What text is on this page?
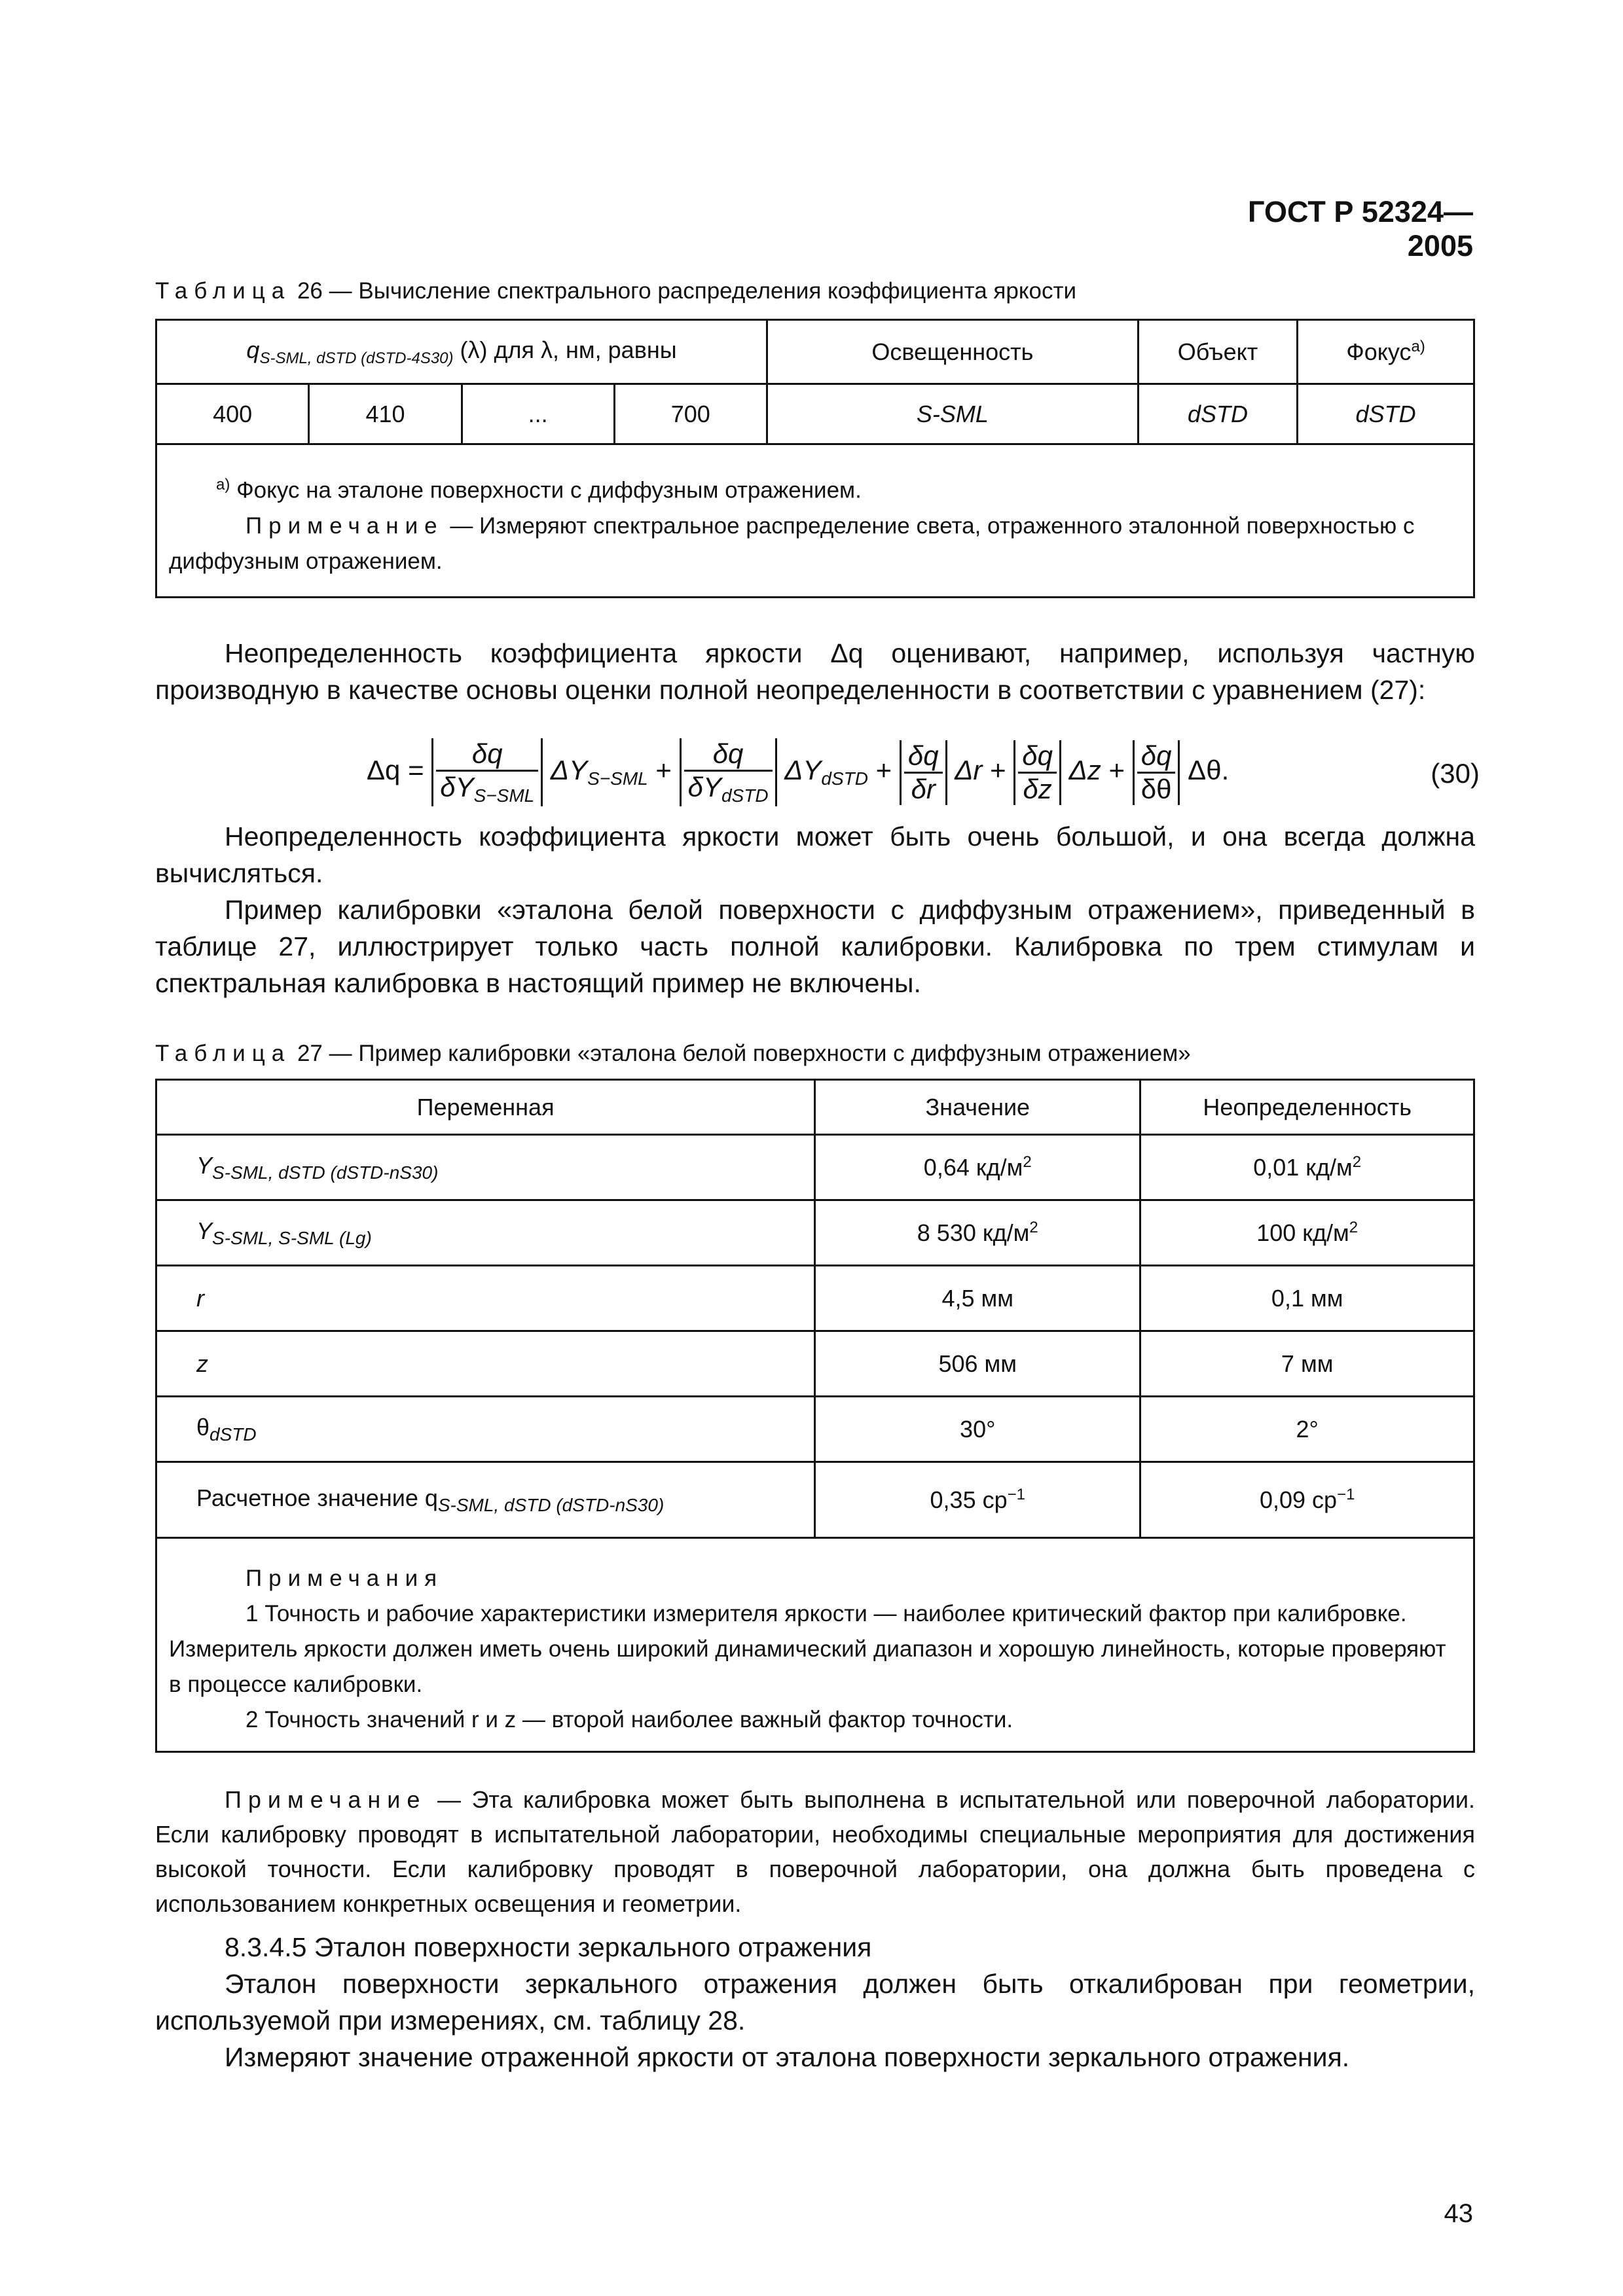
ГОСТ Р 52324—2005
Таблица 26 — Вычисление спектрального распределения коэффициента яркости
$q_{S-SML, dSTD (dSTD-4S30)}$ (λ) для λ, нм, равны				Освещенность	Объект	Фокус$^{а)}$
400	410	...	700	S-SML	dSTD	dSTD

$^{а)}$ Фокус на эталоне поверхности с диффузным отражением.

Примечание — Измеряют спектральное распределение света, отраженного эталонной поверхностью с диффузным отражением.						

Неопределенность коэффициента яркости Δq оценивают, например, используя частную производную в качестве основы оценки полной неопределенности в соответствии с уравнением (27):
$\Delta q = \frac{\delta q}{\delta Y_{S-SML}} \Delta Y_{S-SML} + \frac{\delta q}{\delta Y_{dSTD}} \Delta Y_{dSTD} + \frac{\delta q}{\delta r}$ $\Delta r + \frac{\delta q}{\delta z}$ $\Delta z + \frac{\delta q}{\delta\theta} \Delta\theta$.	(30)
Неопределенность коэффициента яркости может быть очень большой, и она всегда должна вычисляться.
Пример калибровки «эталона белой поверхности с диффузным отражением», приведенный в таблице 27, иллюстрирует только часть полной калибровки. Калибровка по трем стимулам и спектральная калибровка в настоящий пример не включены.
Таблица 27 — Пример калибровки «эталона белой поверхности с диффузным отражением»
Переменная	Значение	Неопределенность
$Y_{S-SML, dSTD (dSTD-nS30)}$	0,64 $кд/м^2$	0,01 $кд/м^2$
$Y_{S-SML, S-SML (Lg)}$	8 530 $кд/м^2$	100 $кд/м^2$
r	4,5 мм	0,1 мм
z	506 мм	7 мм
$\theta_{dSTD}$	30°	2°
Расчетное значение $q_{S-SML, dSTD (dSTD-nS30)}$	0,35 $ср^{-1}$	0,09 $ср^{-1}$

Примечания

1 Точность и рабочие характеристики измерителя яркости — наиболее критический фактор при калибровке. Измеритель яркости должен иметь очень широкий динамический диапазон и хорошую линейность, которые проверяют в процессе калибровки.

2 Точность значений r и z — второй наиболее важный фактор точности.		

Примечание — Эта калибровка может быть выполнена в испытательной или поверочной лаборатории. Если калибровку проводят в испытательной лаборатории, необходимы специальные мероприятия для достижения высокой точности. Если калибровку проводят в поверочной лаборатории, она должна быть проведена с использованием конкретных освещения и геометрии.
8.3.4.5 Эталон поверхности зеркального отражения
Эталон поверхности зеркального отражения должен быть откалиброван при геометрии, используемой при измерениях, см. таблицу 28.
Измеряют значение отраженной яркости от эталона поверхности зеркального отражения.
43
